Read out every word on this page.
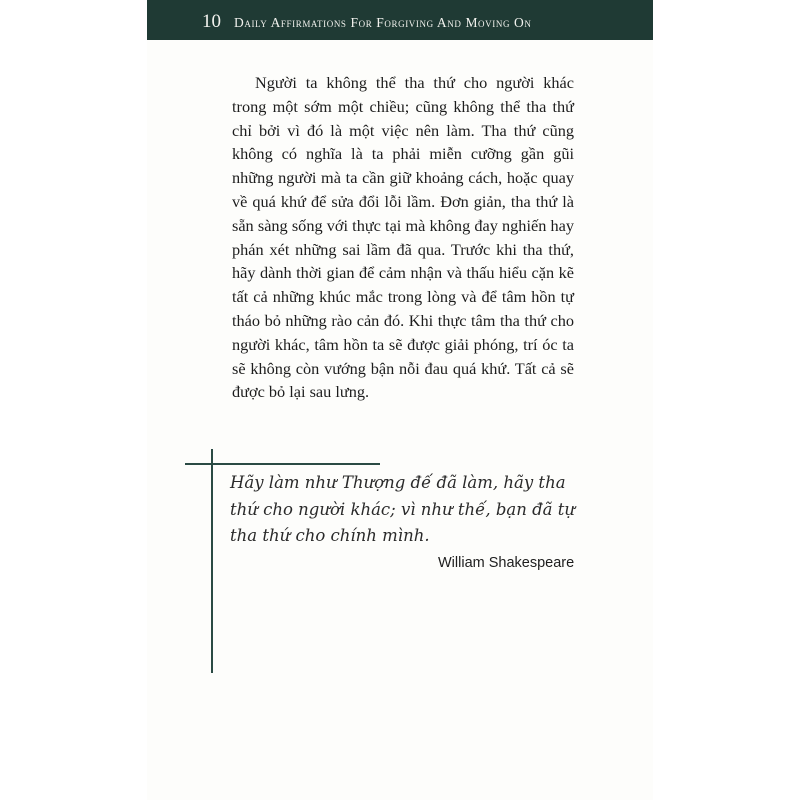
10 Daily Affirmations For Forgiving And Moving On

Người ta không thể tha thứ cho người khác trong một sớm một chiều; cũng không thể tha thứ chỉ bởi vì đó là một việc nên làm. Tha thứ cũng không có nghĩa là ta phải miễn cưỡng gần gũi những người mà ta cần giữ khoảng cách, hoặc quay về quá khứ để sửa đổi lỗi lầm. Đơn giản, tha thứ là sẵn sàng sống với thực tại mà không đay nghiến hay phán xét những sai lầm đã qua. Trước khi tha thứ, hãy dành thời gian để cảm nhận và thấu hiểu cặn kẽ tất cả những khúc mắc trong lòng và để tâm hồn tự tháo bỏ những rào cản đó. Khi thực tâm tha thứ cho người khác, tâm hồn ta sẽ được giải phóng, trí óc ta sẽ không còn vướng bận nỗi đau quá khứ. Tất cả sẽ được bỏ lại sau lưng.

Hãy làm như Thượng đế đã làm, hãy tha thứ cho người khác; vì như thế, bạn đã tự tha thứ cho chính mình.

William Shakespeare
